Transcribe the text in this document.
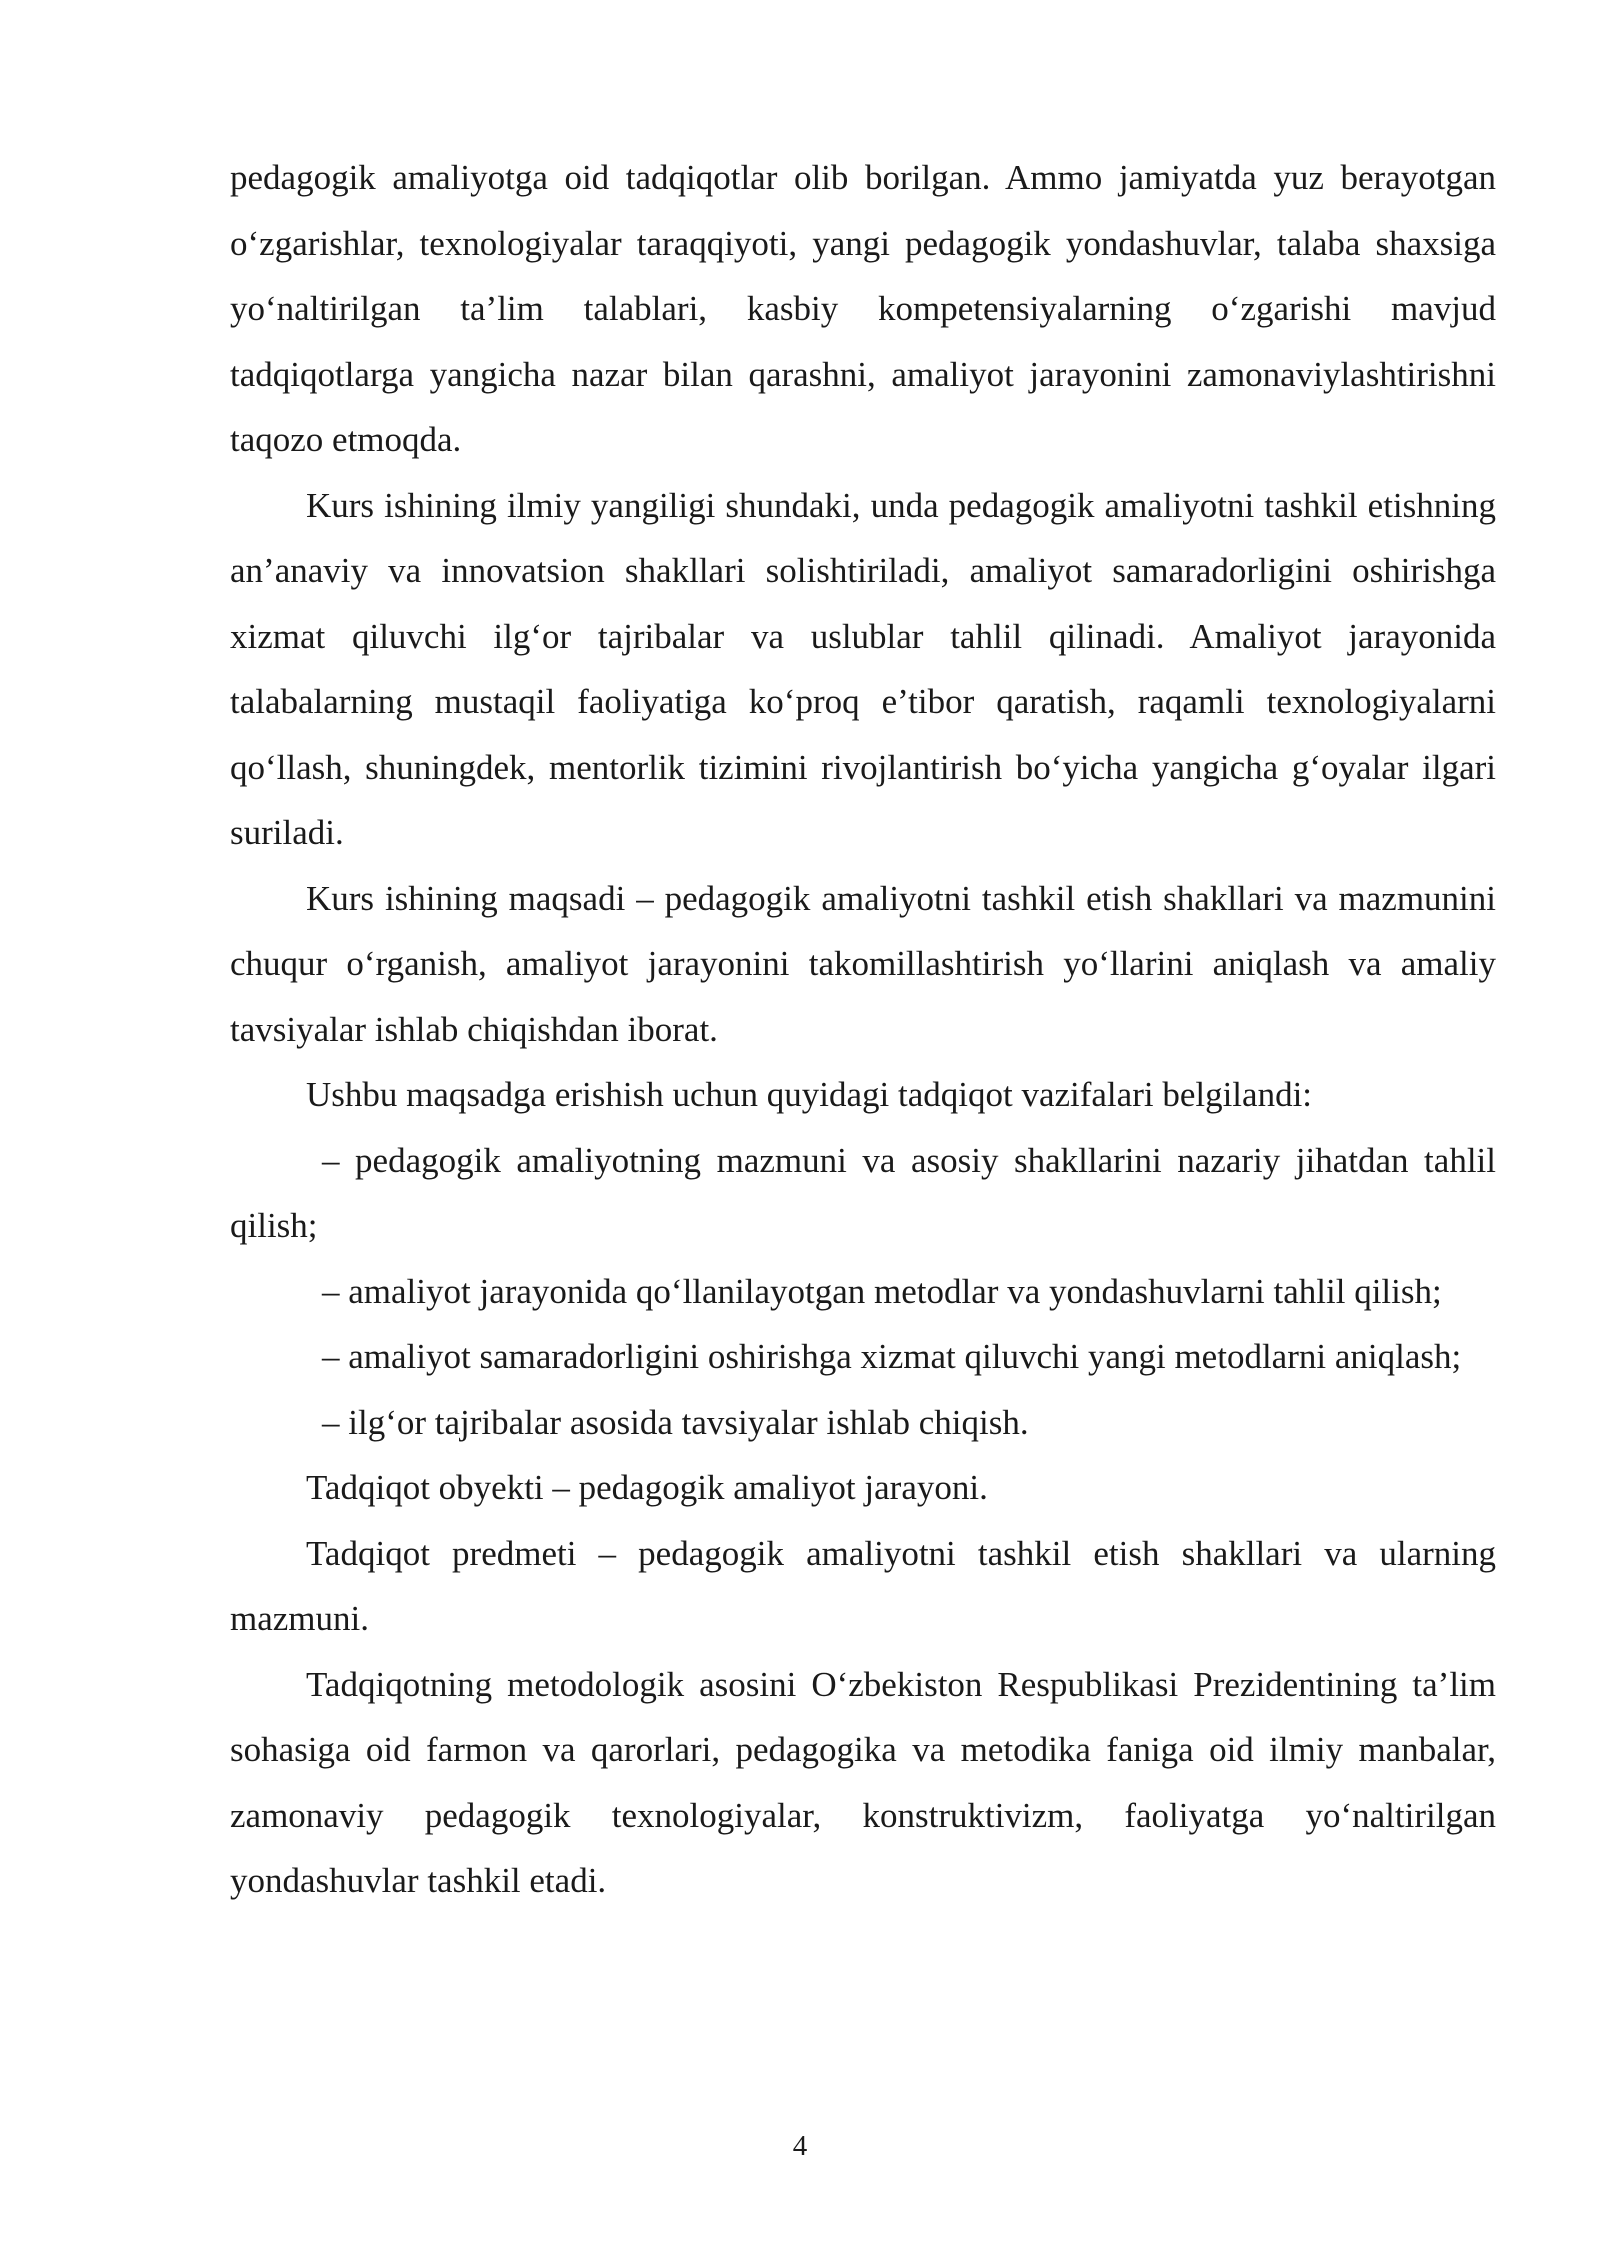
pedagogik amaliyotga oid tadqiqotlar olib borilgan. Ammo jamiyatda yuz berayotgan o‘zgarishlar, texnologiyalar taraqqiyoti, yangi pedagogik yondashuvlar, talaba shaxsiga yo‘naltirilgan ta’lim talablari, kasbiy kompetensiyalarning o‘zgarishi mavjud tadqiqotlarga yangicha nazar bilan qarashni, amaliyot jarayonini zamonaviylashtirishni taqozo etmoqda.

Kurs ishining ilmiy yangiligi shundaki, unda pedagogik amaliyotni tashkil etishning an’anaviy va innovatsion shakllari solishtiriladi, amaliyot samaradorligini oshirishga xizmat qiluvchi ilg‘or tajribalar va uslublar tahlil qilinadi. Amaliyot jarayonida talabalarning mustaqil faoliyatiga ko‘proq e’tibor qaratish, raqamli texnologiyalarni qo‘llash, shuningdek, mentorlik tizimini rivojlantirish bo‘yicha yangicha g‘oyalar ilgari suriladi.

Kurs ishining maqsadi – pedagogik amaliyotni tashkil etish shakllari va mazmunini chuqur o‘rganish, amaliyot jarayonini takomillashtirish yo‘llarini aniqlash va amaliy tavsiyalar ishlab chiqishdan iborat.

Ushbu maqsadga erishish uchun quyidagi tadqiqot vazifalari belgilandi:

– pedagogik amaliyotning mazmuni va asosiy shakllarini nazariy jihatdan tahlil qilish;

– amaliyot jarayonida qo‘llanilayotgan metodlar va yondashuvlarni tahlil qilish;

– amaliyot samaradorligini oshirishga xizmat qiluvchi yangi metodlarni aniqlash;

– ilg‘or tajribalar asosida tavsiyalar ishlab chiqish.

Tadqiqot obyekti – pedagogik amaliyot jarayoni.

Tadqiqot predmeti – pedagogik amaliyotni tashkil etish shakllari va ularning mazmuni.

Tadqiqotning metodologik asosini O‘zbekiston Respublikasi Prezidentining ta’lim sohasiga oid farmon va qarorlari, pedagogika va metodika faniga oid ilmiy manbalar, zamonaviy pedagogik texnologiyalar, konstruktivizm, faoliyatga yo‘naltirilgan yondashuvlar tashkil etadi.

4
